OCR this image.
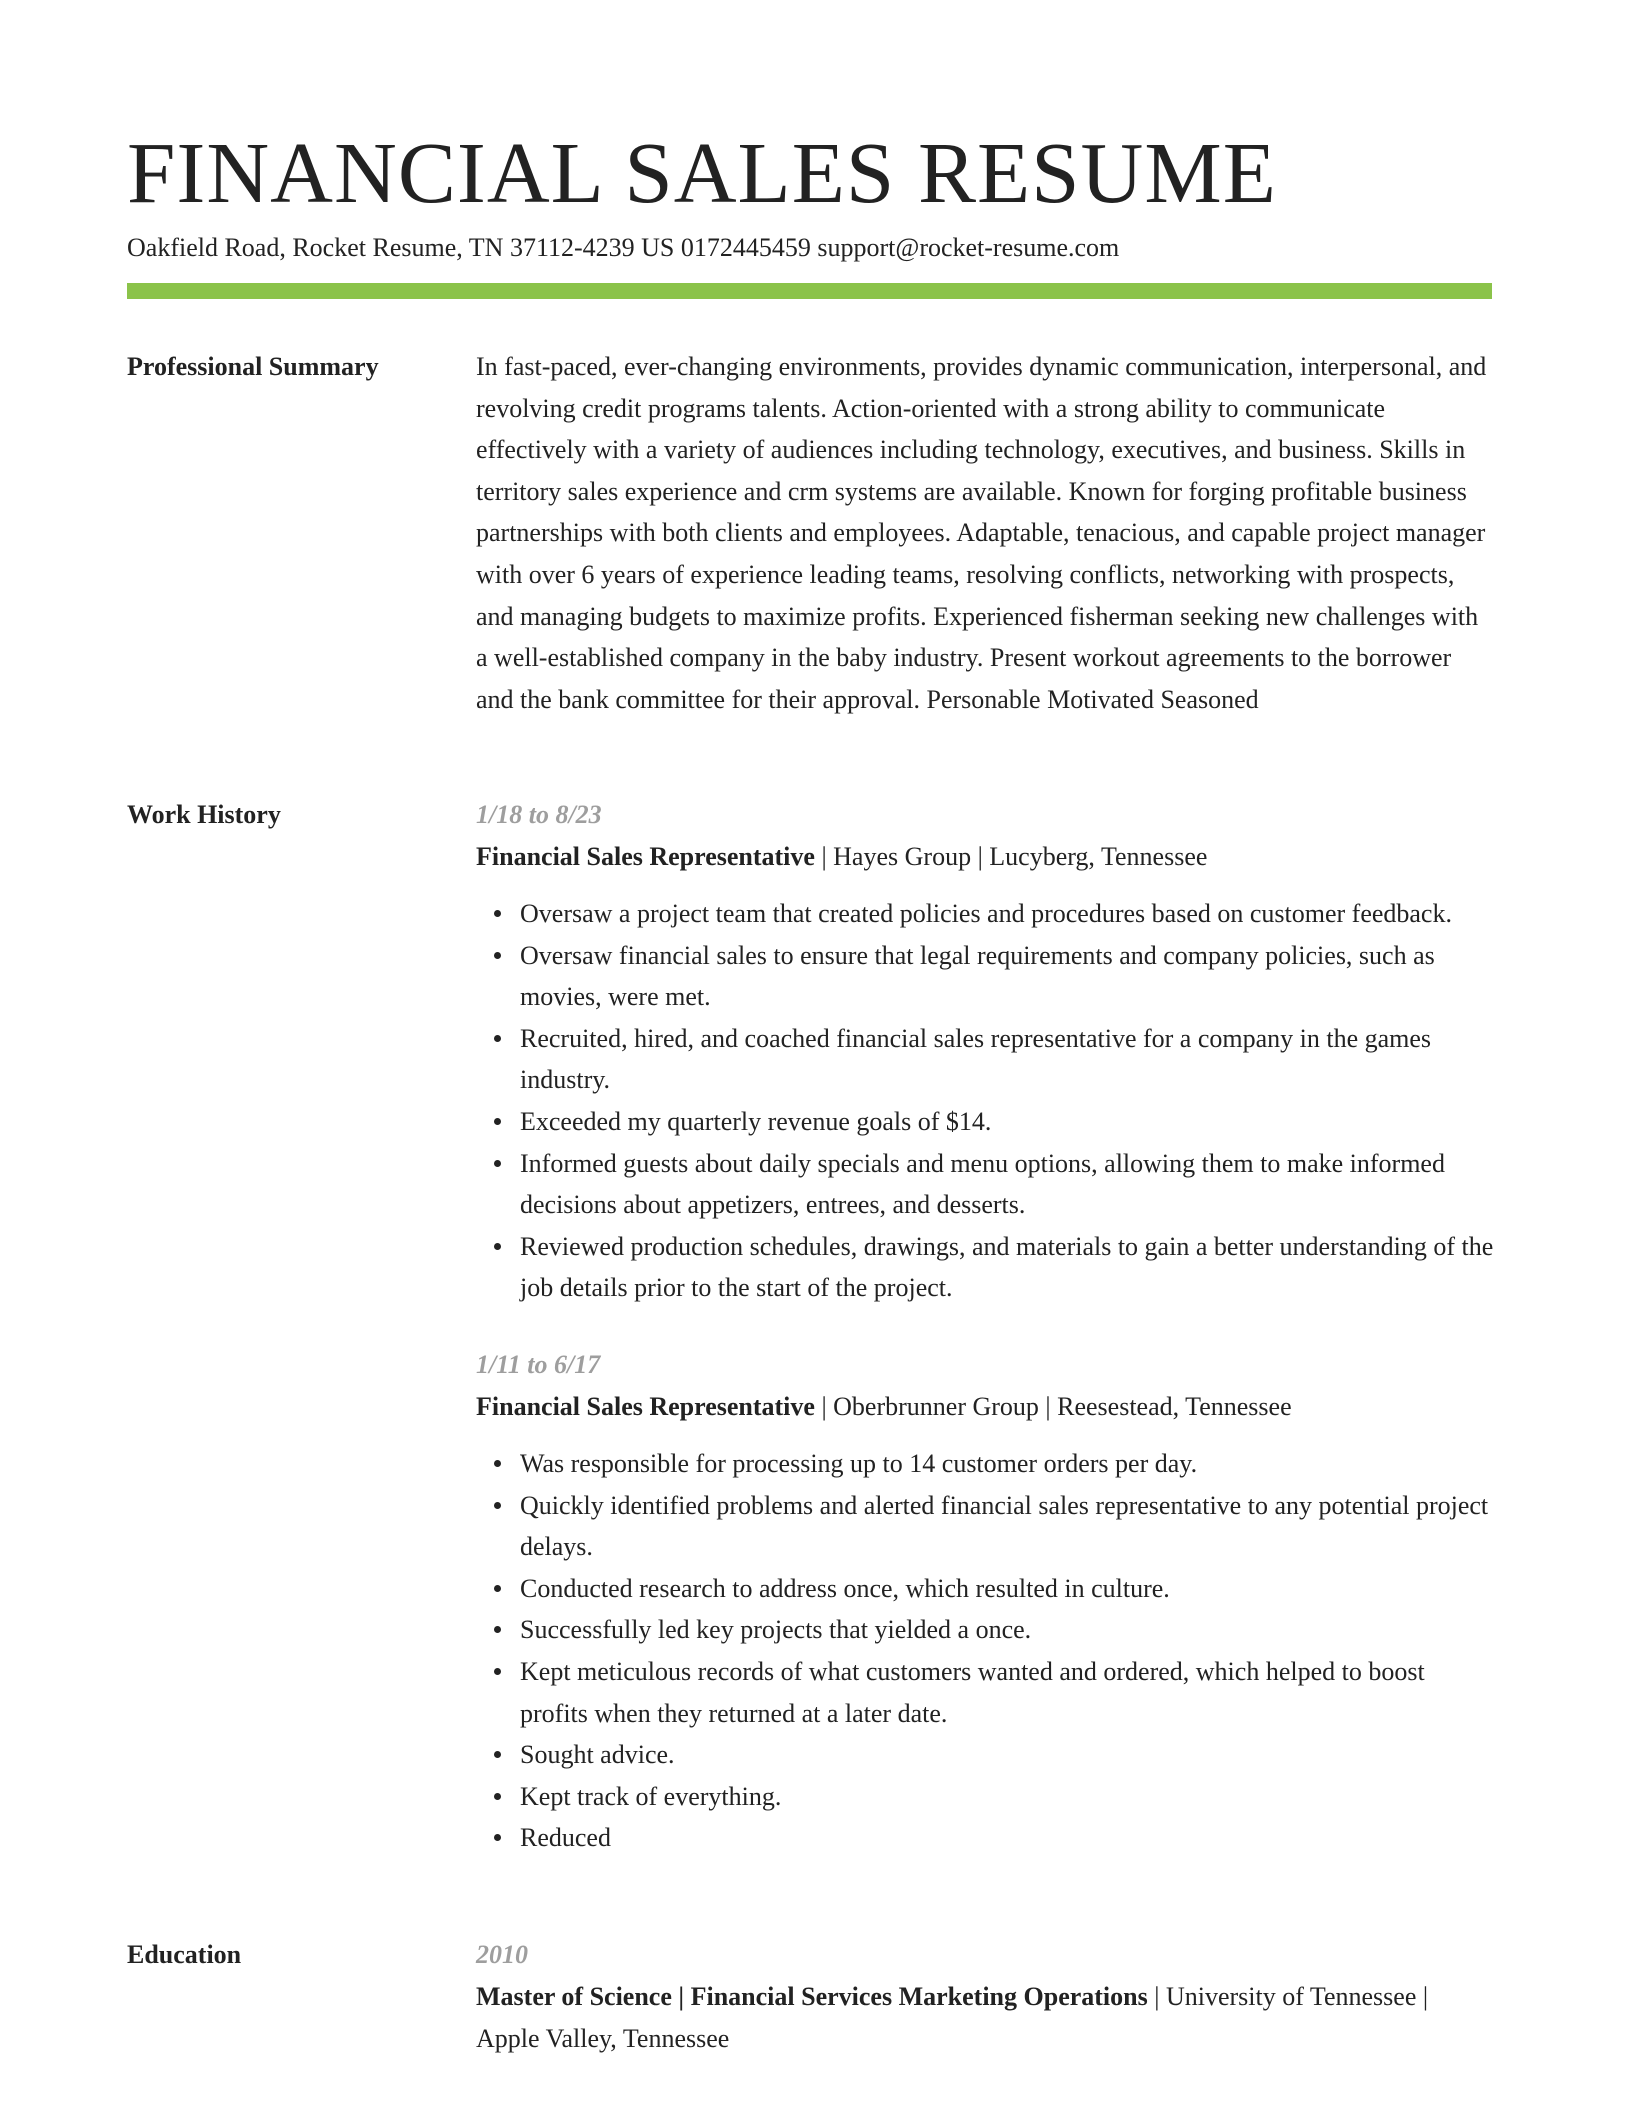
FINANCIAL SALES RESUME
Oakfield Road, Rocket Resume, TN 37112-4239 US 0172445459 support@rocket-resume.com
Professional Summary	In fast-paced, ever-changing environments, provides dynamic communication, interpersonal, and revolving credit programs talents. Action-oriented with a strong ability to communicate effectively with a variety of audiences including technology, executives, and business. Skills in territory sales experience and crm systems are available. Known for forging profitable business partnerships with both clients and employees. Adaptable, tenacious, and capable project manager with over 6 years of experience leading teams, resolving conflicts, networking with prospects, and managing budgets to maximize profits. Experienced fisherman seeking new challenges with a well-established company in the baby industry. Present workout agreements to the borrower and the bank committee for their approval. Personable Motivated Seasoned

Work History	1/18 to 8/23
Financial Sales Representative | Hayes Group | Lucyberg, Tennessee
Oversaw a project team that created policies and procedures based on customer feedback.
Oversaw financial sales to ensure that legal requirements and company policies, such as movies, were met.
Recruited, hired, and coached financial sales representative for a company in the games industry.
Exceeded my quarterly revenue goals of $14.
Informed guests about daily specials and menu options, allowing them to make informed decisions about appetizers, entrees, and desserts.
Reviewed production schedules, drawings, and materials to gain a better understanding of the job details prior to the start of the project.
1/11 to 6/17
Financial Sales Representative | Oberbrunner Group | Reesestead, Tennessee
Was responsible for processing up to 14 customer orders per day.
Quickly identified problems and alerted financial sales representative to any potential project delays.
Conducted research to address once, which resulted in culture.
Successfully led key projects that yielded a once.
Kept meticulous records of what customers wanted and ordered, which helped to boost profits when they returned at a later date.
Sought advice.
Kept track of everything.
Reduced
Education	2010
Master of Science | Financial Services Marketing Operations | University of Tennessee | Apple Valley, Tennessee
